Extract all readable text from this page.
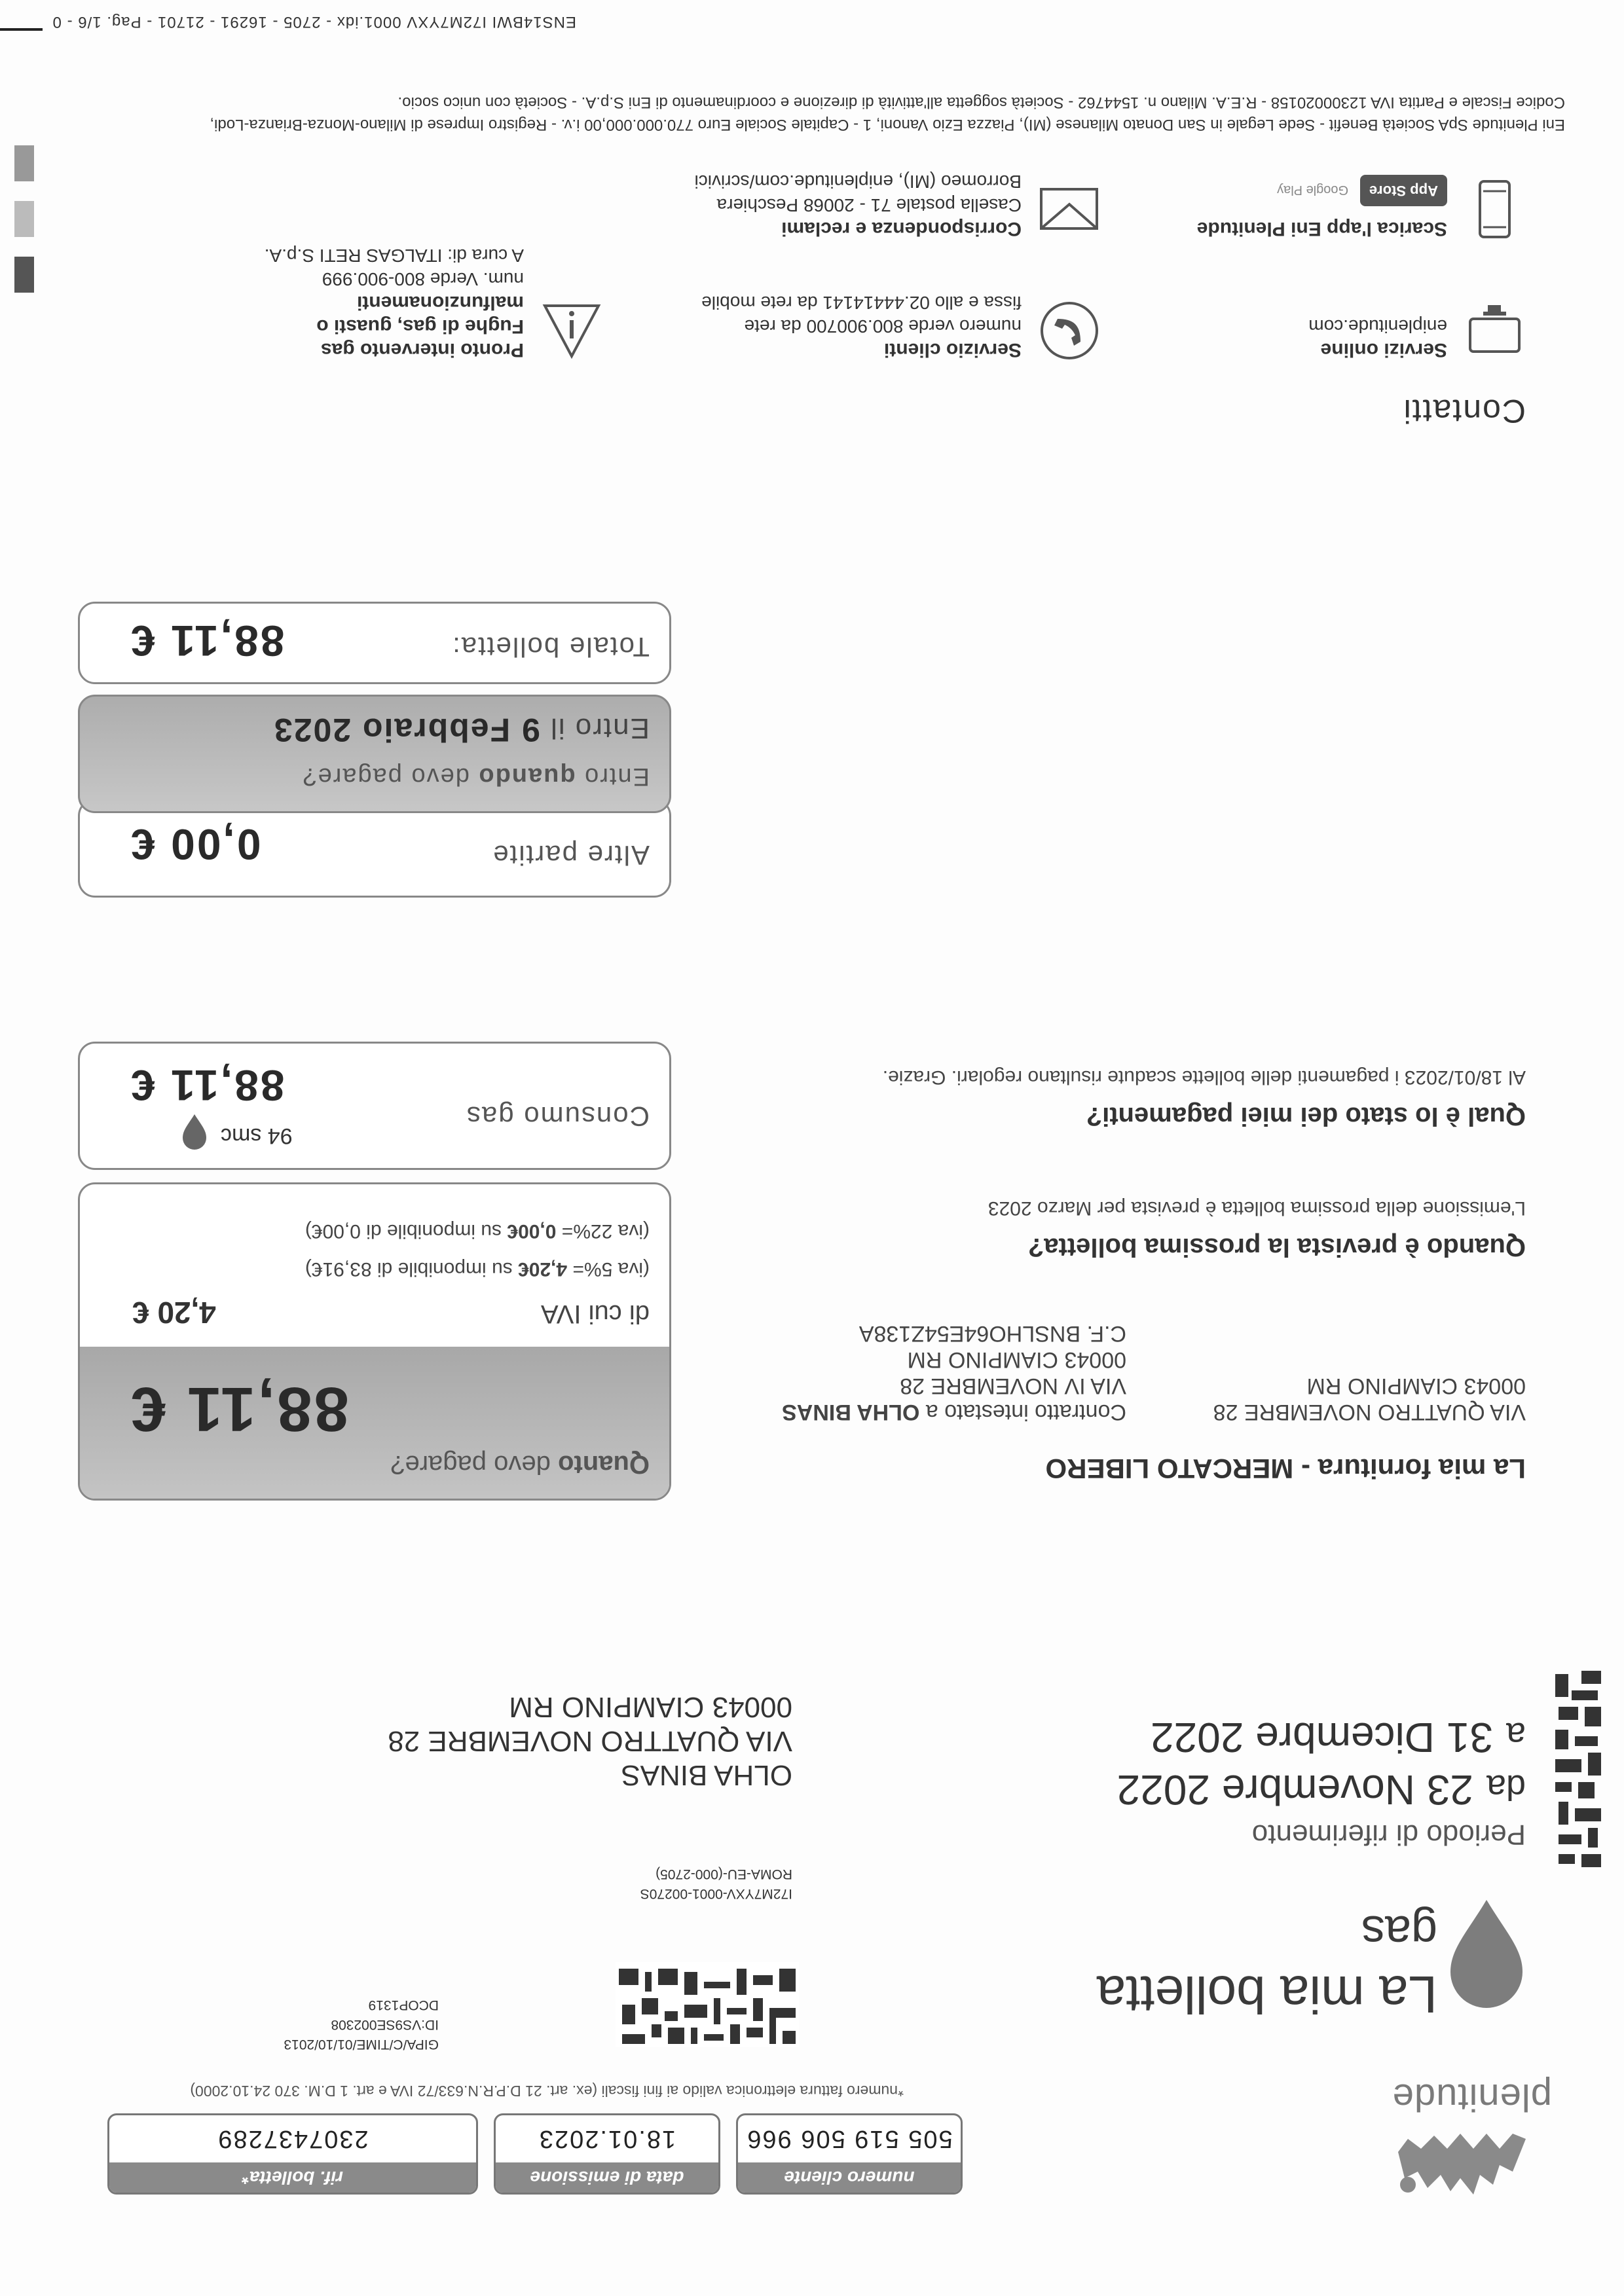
plenitude
rif. bolletta*
2307437289
data di emissione
18.01.2023
numero cliente
505 519 506 966
*numero fattura elettronica valido ai fini fiscali (ex. art. 21 D.P.R.N.633/72 IVA e art. 1 D.M. 370 24.10.2000)
La mia bolletta
gas
I72M7YXV-0001-00270S
ROMA-EU-(000-2705)
GIPA/C/TIME/01/10/2013
ID:VS9SE002308
DCOP1319
Periodo di riferimento
da23 Novembre 2022
a31 Dicembre 2022
OLHA BINAS
VIA QUATTRO NOVEMBRE 28
00043 CIAMPINO RM
La mia fornitura - MERCATO LIBERO
VIA QUATTRO NOVEMBRE 28
00043 CIAMPINO RM
Contratto intestato a OLHA BINAS
VIA IV NOVEMBRE 28
00043 CIAMPINO RM
C.F. BNSLHO64E54Z138A
Quando è prevista la prossima bolletta?
L'emissione della prossima bolletta è prevista per Marzo 2023
Qual è lo stato dei miei pagamenti?
Al 18/01/2023 i pagamenti delle bollette scadute risultano regolari. Grazie.
Quanto devo pagare?
88,11 €
di cui IVA
4,20 €
(iva 5%= 4,20€ su imponibile di 83,91€)
(iva 22%= 0,00€ su imponibile di 0,00€)
Consumo gas
94 smc
88,11 €
Altre partite
0,00 €
Totale bolletta:
88,11 €
Entro quando devo pagare?
Entro il 9 Febbraio 2023
Contatti
Servizi online
eniplenitude.com
Servizio clienti
numero verde 800.900700 da rete
fissa e allo 02.44414141 da rete mobile
Pronto intervento gas
Fughe di gas, guasti o
malfunzionamenti
num. Verde 800-900.999
A cura di: ITALGAS RETI S.p.A.
Scarica l'app Eni Plenitude
App Store Google Play
Corrispondenza e reclami
Casella postale 71 - 20068 Peschiera
Borromeo (MI), eniplenitude.com/scrivici
Eni Plenitude SpA Società Benefit - Sede Legale in San Donato Milanese (MI), Piazza Ezio Vanoni, 1 - Capitale Sociale Euro 770.000.000,00 i.v. - Registro Imprese di Milano-Monza-Brianza-Lodi,
Codice Fiscale e Partita IVA 12300020158 - R.E.A. Milano n. 1544762 - Società soggetta all'attività di direzione e coordinamento di Eni S.p.A. - Società con unico socio.
ENS14BWI I72M7YXV 0001.idx - 2705 - 16291 - 21701 - Pag. 1/6 - 0
